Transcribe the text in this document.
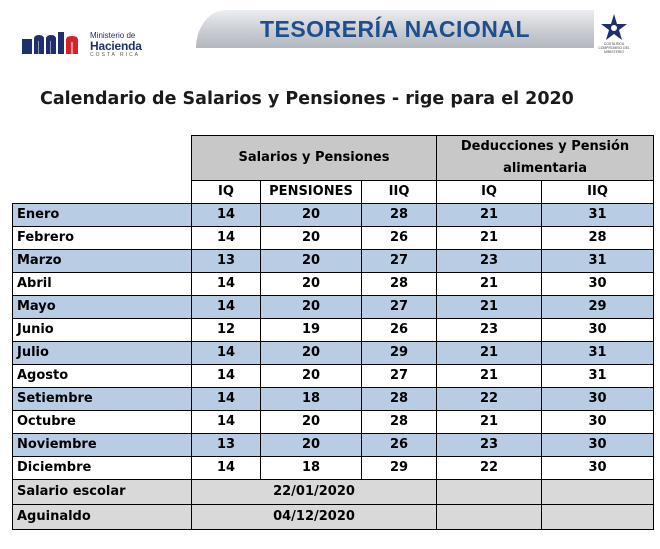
Ministerio de
Hacienda
COSTA RICA
TESORERÍA NACIONAL
COSTA RICA
COMPROMISO DEL MINISTERIO
Calendario de Salarios y Pensiones - rige para el 2020
	Salarios y Pensiones			Deducciones y Pensión
alimentaria	

	IQ	PENSIONES	IIQ	IQ	IIQ
Enero	14	20	28	21	31
Febrero	14	20	26	21	28
Marzo	13	20	27	23	31
Abril	14	20	28	21	30
Mayo	14	20	27	21	29
Junio	12	19	26	23	30
Julio	14	20	29	21	31
Agosto	14	20	27	21	31
Setiembre	14	18	28	22	30
Octubre	14	20	28	21	30
Noviembre	13	20	26	23	30
Diciembre	14	18	29	22	30
Salario escolar	22/01/2020				
Aguinaldo	04/12/2020				
